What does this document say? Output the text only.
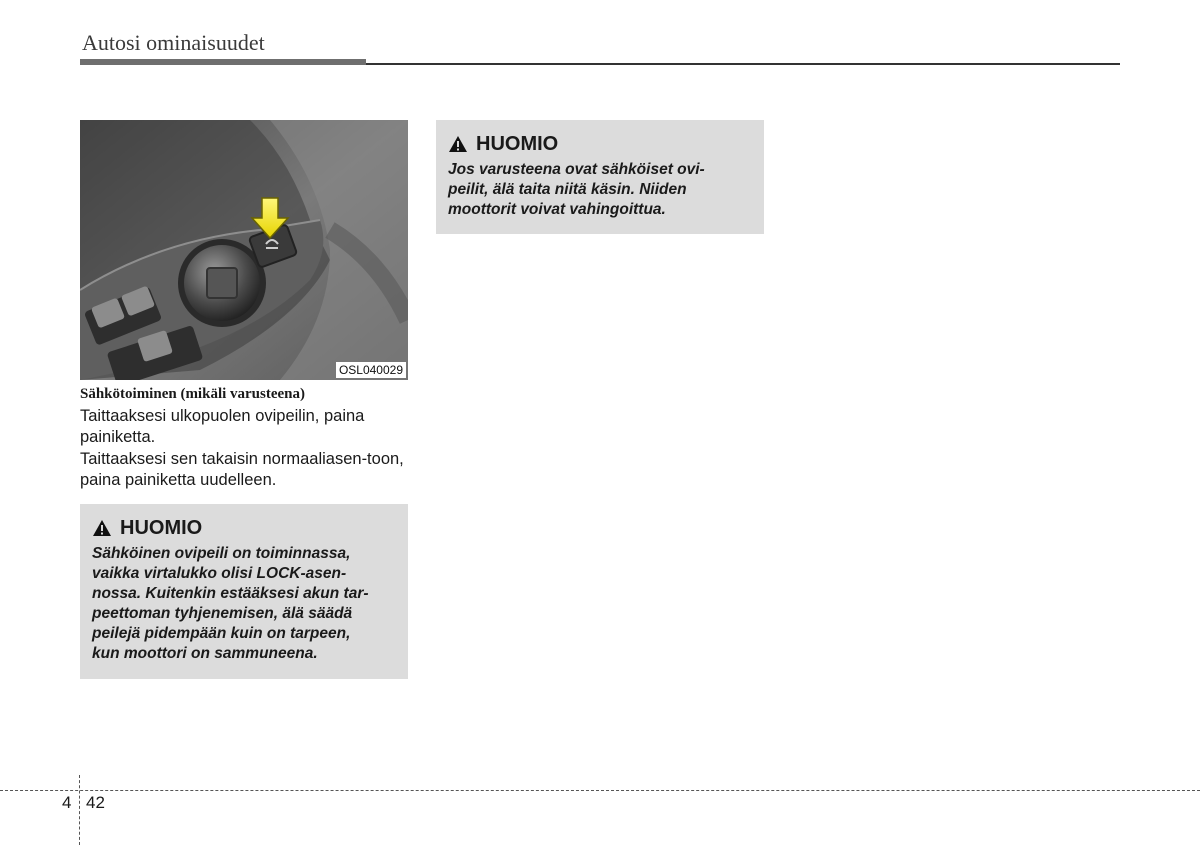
Autosi ominaisuudet
OSL040029
Sähkötoiminen (mikäli varusteena)

Taittaaksesi ulkopuolen ovipeilin, paina painiketta.

Taittaaksesi sen takaisin normaaliasen-toon, paina painiketta uudelleen.

HUOMIO
Sähköinen ovipeili on toiminnassa,
vaikka virtalukko olisi LOCK-asen-
nossa. Kuitenkin estääksesi akun tar-
peettoman tyhjenemisen, älä säädä
peilejä pidempään kuin on tarpeen,
kun moottori on sammuneena.
HUOMIO
Jos varusteena ovat sähköiset ovi-
peilit, älä taita niitä käsin. Niiden
moottorit voivat vahingoittua.
4 42
